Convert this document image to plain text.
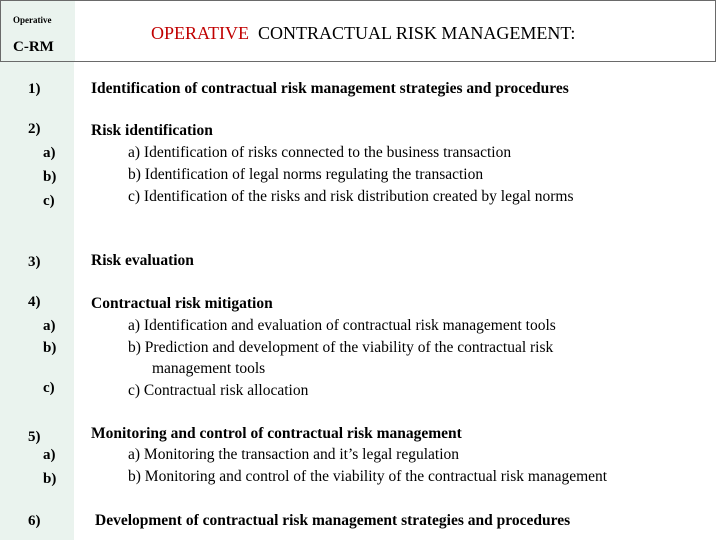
Operative
C-RM
OPERATIVE CONTRACTUAL RISK MANAGEMENT:
1)	Identification of contractual risk management strategies and procedures
2)
a)
b)
c)
Risk identification
a) Identification of risks connected to the business transaction
b) Identification of legal norms regulating the transaction
c) Identification of the risks and risk distribution created by legal norms
3)	Risk evaluation
4)
a)
b)
c)
Contractual risk mitigation
a) Identification and evaluation of contractual risk management tools
b) Prediction and development of the viability of the contractual risk
management tools
c) Contractual risk allocation
5)
a)
b)
Monitoring and control of contractual risk management
a) Monitoring the transaction and it’s legal regulation
b) Monitoring and control of the viability of the contractual risk management
6)	Development of contractual risk management strategies and procedures
